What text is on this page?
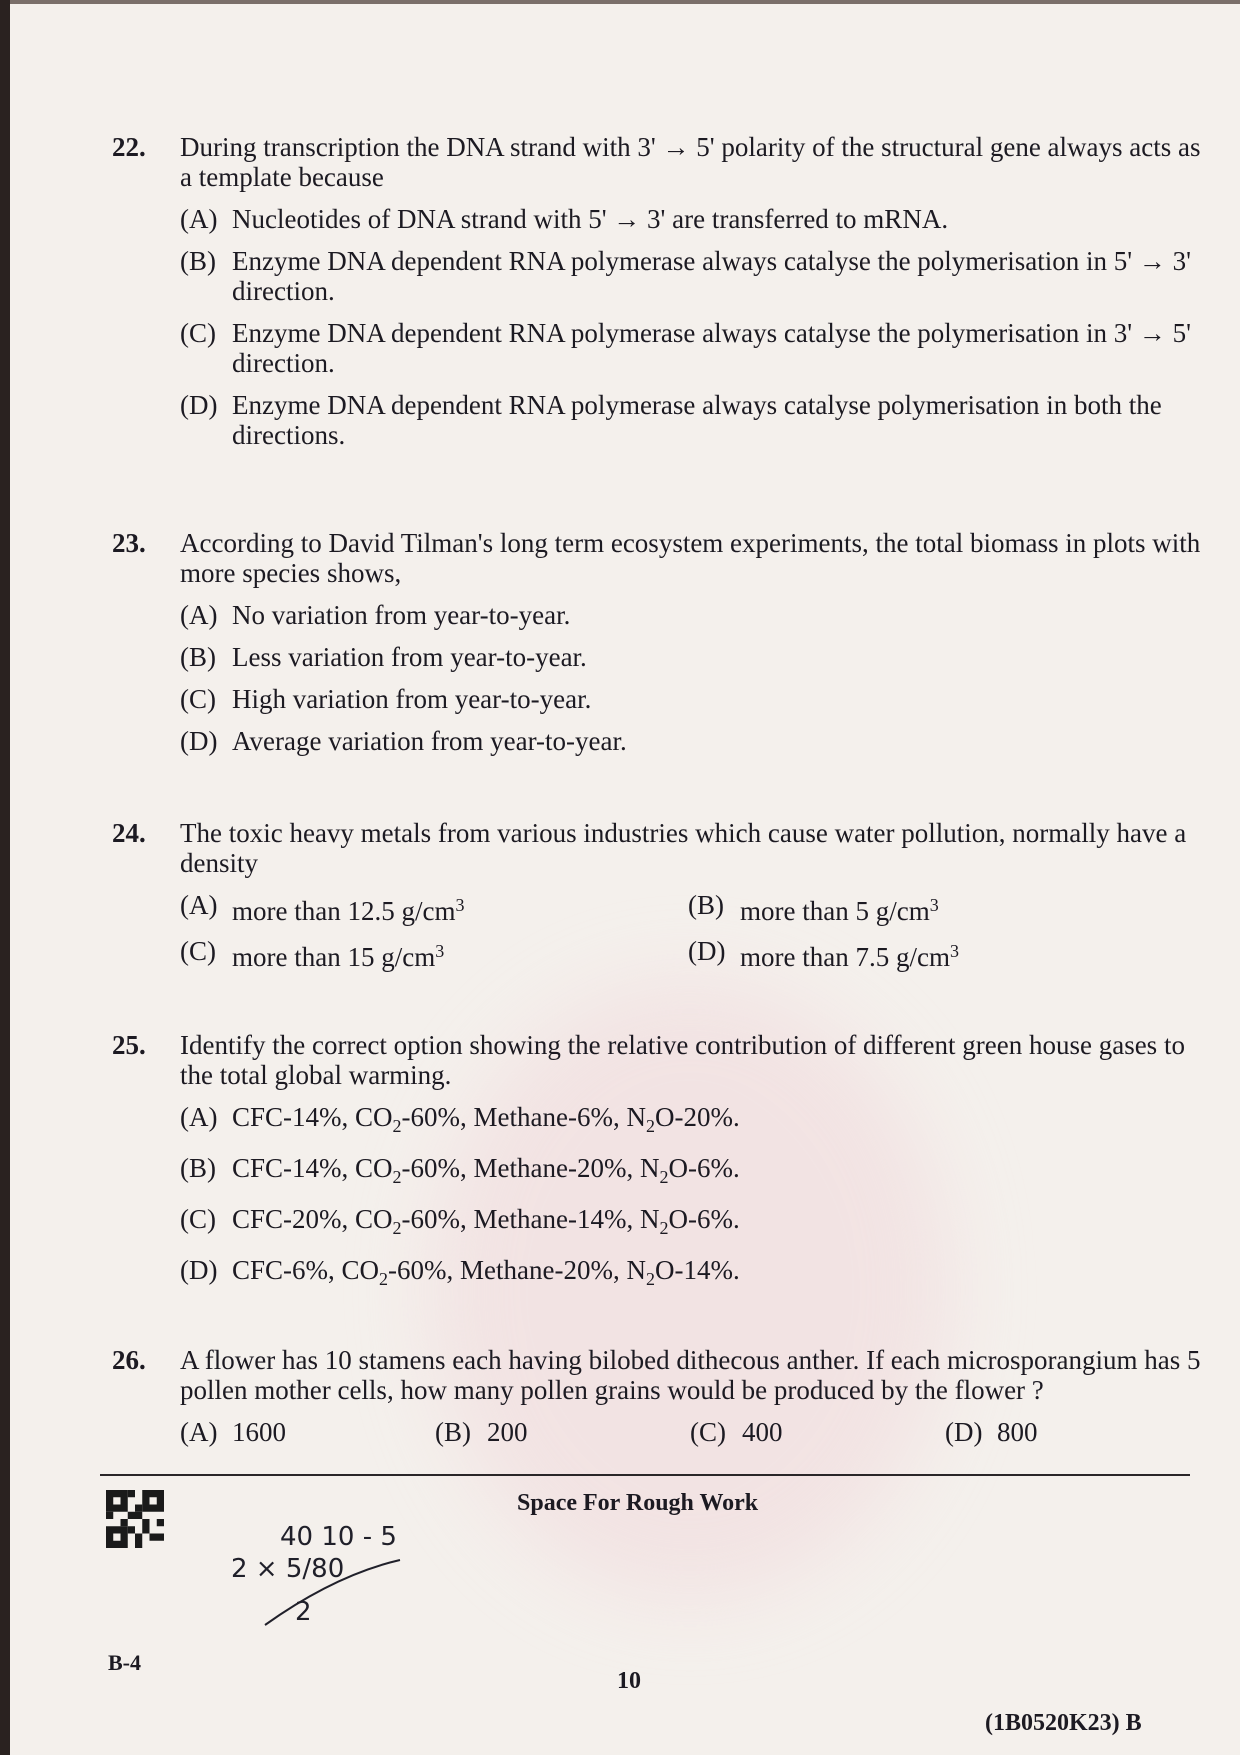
22.	During transcription the DNA strand with 3' → 5' polarity of the structural gene always acts as a template because
(A) Nucleotides of DNA strand with 5' → 3' are transferred to mRNA.
(B) Enzyme DNA dependent RNA polymerase always catalyse the polymerisation in 5' → 3' direction.
(C) Enzyme DNA dependent RNA polymerase always catalyse the polymerisation in 3' → 5' direction.
(D) Enzyme DNA dependent RNA polymerase always catalyse polymerisation in both the directions.
23.	According to David Tilman's long term ecosystem experiments, the total biomass in plots with more species shows,
(A) No variation from year-to-year.
(B) Less variation from year-to-year.
(C) High variation from year-to-year.
(D) Average variation from year-to-year.
24.	The toxic heavy metals from various industries which cause water pollution, normally have a density
(A) more than 12.5 $g/cm^3$	(B) more than 5 $g/cm^3$
(C) more than 15 $g/cm^3$	(D) more than 7.5 $g/cm^3$
25.	Identify the correct option showing the relative contribution of different green house gases to the total global warming.
(A) CFC-14%, $CO_2-60\%$, Methane-6%, $N_2O-20\%$.
(B) CFC-14%, $CO_2-60\%$, Methane-20%, $N_2O-6\%$.
(C) CFC-20%, $CO_2-60\%$, Methane-14%, $N_2O-6\%$.
(D) CFC-6%, $CO_2-60\%$, Methane-20%, $N_2O-14\%$.
26.	A flower has 10 stamens each having bilobed dithecous anther. If each microsporangium has 5 pollen mother cells, how many pollen grains would be produced by the flower ?
(A) 1600	(B) 200	(C) 400	(D) 800
Space For Rough Work
40 10 - 5
2 × 5/80
2
B-4
10
(1B0520K23) B
